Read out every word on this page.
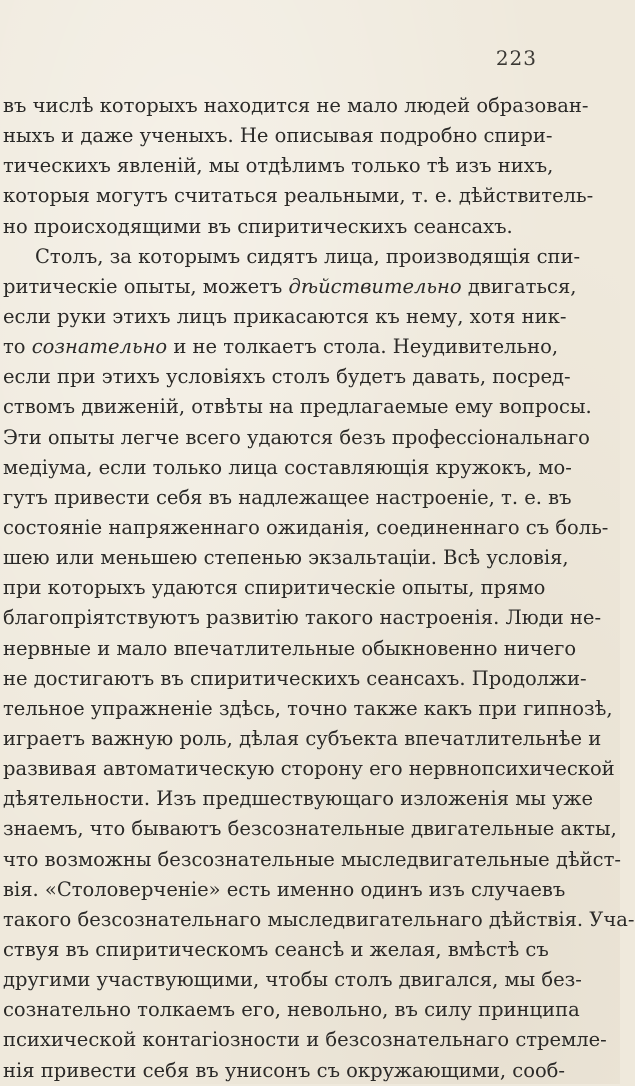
223
въ числѣ которыхъ находится не мало людей образован-
ныхъ и даже ученыхъ. Не описывая подробно спири-
тическихъ явленій, мы отдѣлимъ только тѣ изъ нихъ,
которыя могутъ считаться реальными, т. е. дѣйствитель-
но происходящими въ спиритическихъ сеансахъ.
Столъ, за которымъ сидятъ лица, производящія спи-
ритическіе опыты, можетъ дѣйствительно двигаться,
если руки этихъ лицъ прикасаются къ нему, хотя ник-
то сознательно и не толкаетъ стола. Неудивительно,
если при этихъ условіяхъ столъ будетъ давать, посред-
ствомъ движеній, отвѣты на предлагаемые ему вопросы.
Эти опыты легче всего удаются безъ профессіональнаго
медіума, если только лица составляющія кружокъ, мо-
гутъ привести себя въ надлежащее настроеніе, т. е. въ
состояніе напряженнаго ожиданія, соединеннаго съ боль-
шею или меньшею степенью экзальтаціи. Всѣ условія,
при которыхъ удаются спиритическіе опыты, прямо
благопріятствуютъ развитію такого настроенія. Люди не-
нервные и мало впечатлительные обыкновенно ничего
не достигаютъ въ спиритическихъ сеансахъ. Продолжи-
тельное упражненіе здѣсь, точно также какъ при гипнозѣ,
играетъ важную роль, дѣлая субъекта впечатлительнѣе и
развивая автоматическую сторону его нервнопсихической
дѣятельности. Изъ предшествующаго изложенія мы уже
знаемъ, что бываютъ безсознательные двигательные акты,
что возможны безсознательные мыследвигательные дѣйст-
вія. «Столоверченіе» есть именно одинъ изъ случаевъ
такого безсознательнаго мыследвигательнаго дѣйствія. Уча-
ствуя въ спиритическомъ сеансѣ и желая, вмѣстѣ съ
другими участвующими, чтобы столъ двигался, мы без-
сознательно толкаемъ его, невольно, въ силу принципа
психической контагіозности и безсознательнаго стремле-
нія привести себя въ унисонъ съ окружающими, сооб-
